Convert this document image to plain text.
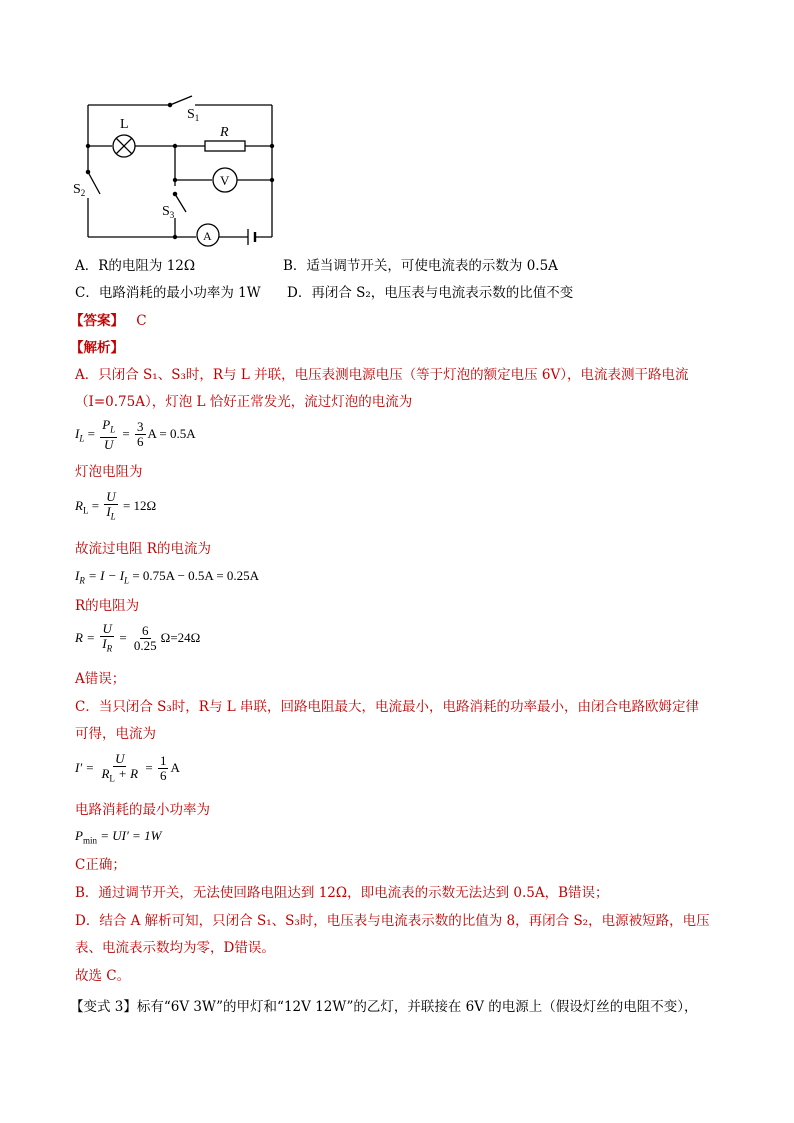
$S_1$
L
R
V
$S_2$
$S_3$
A
A．R的电阻为 12Ω	B．适当调节开关，可使电流表的示数为 0.5A
C．电路消耗的最小功率为 1W D．再闭合 S₂，电压表与电流表示数的比值不变
【答案】 C
【解析】
A．只闭合 S₁、S₃时，R与 L 并联，电压表测电源电压（等于灯泡的额定电压 6V），电流表测干路电流
（I=0.75A），灯泡 L 恰好正常发光，流过灯泡的电流为
$I_L = \frac{P_L}{U} = \frac{3}{6}$ A = 0.5A
灯泡电阻为
$R_L = \frac{U}{I_L} = 12\Omega$
故流过电阻 R的电流为
$I_R = I - I_L = 0.75A - 0.5A = 0.25A$
R的电阻为
$R = \frac{U}{I_R} = \frac{6}{0.25} \Omega=24\Omega$
A错误；
C．当只闭合 S₃时，R与 L 串联，回路电阻最大，电流最小，电路消耗的功率最小，由闭合电路欧姆定律
可得，电流为
$I' = \frac{U}{R_L + R} = \frac{1}{6}$ A
电路消耗的最小功率为
$P_{min} = UI' = 1W$
C正确；
B．通过调节开关，无法使回路电阻达到 12Ω，即电流表的示数无法达到 0.5A，B错误；
D．结合 A 解析可知，只闭合 S₁、S₃时，电压表与电流表示数的比值为 8，再闭合 S₂，电源被短路，电压
表、电流表示数均为零，D错误。
故选 C。
【变式 3】标有“6V 3W”的甲灯和“12V 12W”的乙灯，并联接在 6V 的电源上（假设灯丝的电阻不变），
